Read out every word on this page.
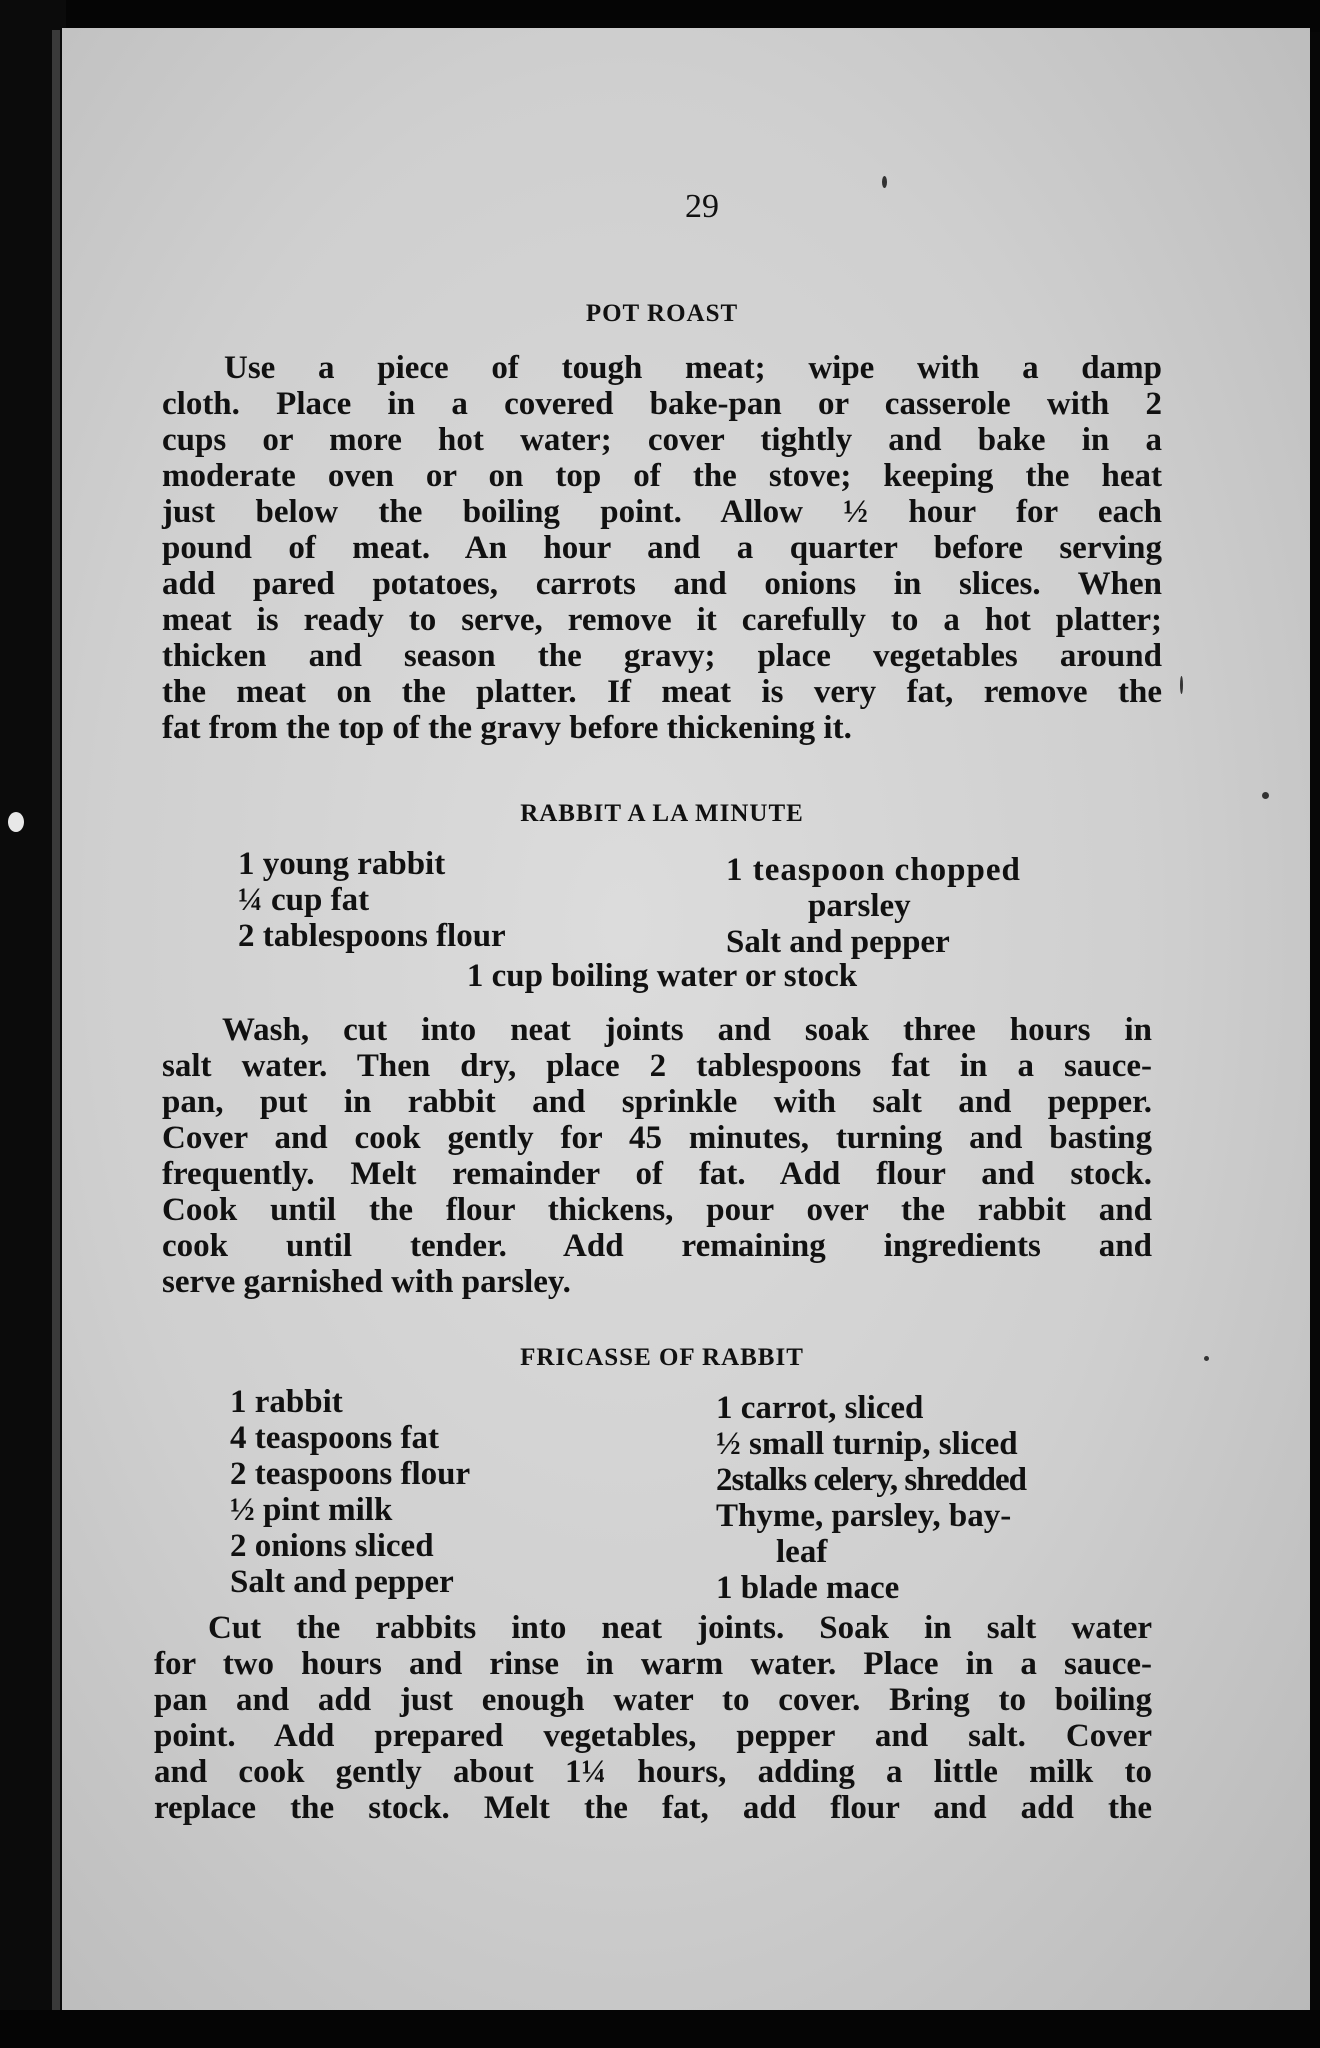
29
POT ROAST
Use a piece of tough meat; wipe with a damp
cloth. Place in a covered bake-pan or casserole with 2
cups or more hot water; cover tightly and bake in a
moderate oven or on top of the stove; keeping the heat
just below the boiling point. Allow ½ hour for each
pound of meat. An hour and a quarter before serving
add pared potatoes, carrots and onions in slices. When
meat is ready to serve, remove it carefully to a hot platter;
thicken and season the gravy; place vegetables around
the meat on the platter. If meat is very fat, remove the
fat from the top of the gravy before thickening it.
RABBIT A LA MINUTE
1 young rabbit
¼ cup fat
2 tablespoons flour
1 teaspoon chopped
parsley
Salt and pepper
1 cup boiling water or stock
Wash, cut into neat joints and soak three hours in
salt water. Then dry, place 2 tablespoons fat in a sauce-
pan, put in rabbit and sprinkle with salt and pepper.
Cover and cook gently for 45 minutes, turning and basting
frequently. Melt remainder of fat. Add flour and stock.
Cook until the flour thickens, pour over the rabbit and
cook until tender. Add remaining ingredients and
serve garnished with parsley.
FRICASSE OF RABBIT
1 rabbit
4 teaspoons fat
2 teaspoons flour
½ pint milk
2 onions sliced
Salt and pepper
1 carrot, sliced
½ small turnip, sliced
2stalks celery, shredded
Thyme, parsley, bay-
leaf
1 blade mace
Cut the rabbits into neat joints. Soak in salt water
for two hours and rinse in warm water. Place in a sauce-
pan and add just enough water to cover. Bring to boiling
point. Add prepared vegetables, pepper and salt. Cover
and cook gently about 1¼ hours, adding a little milk to
replace the stock. Melt the fat, add flour and add the
